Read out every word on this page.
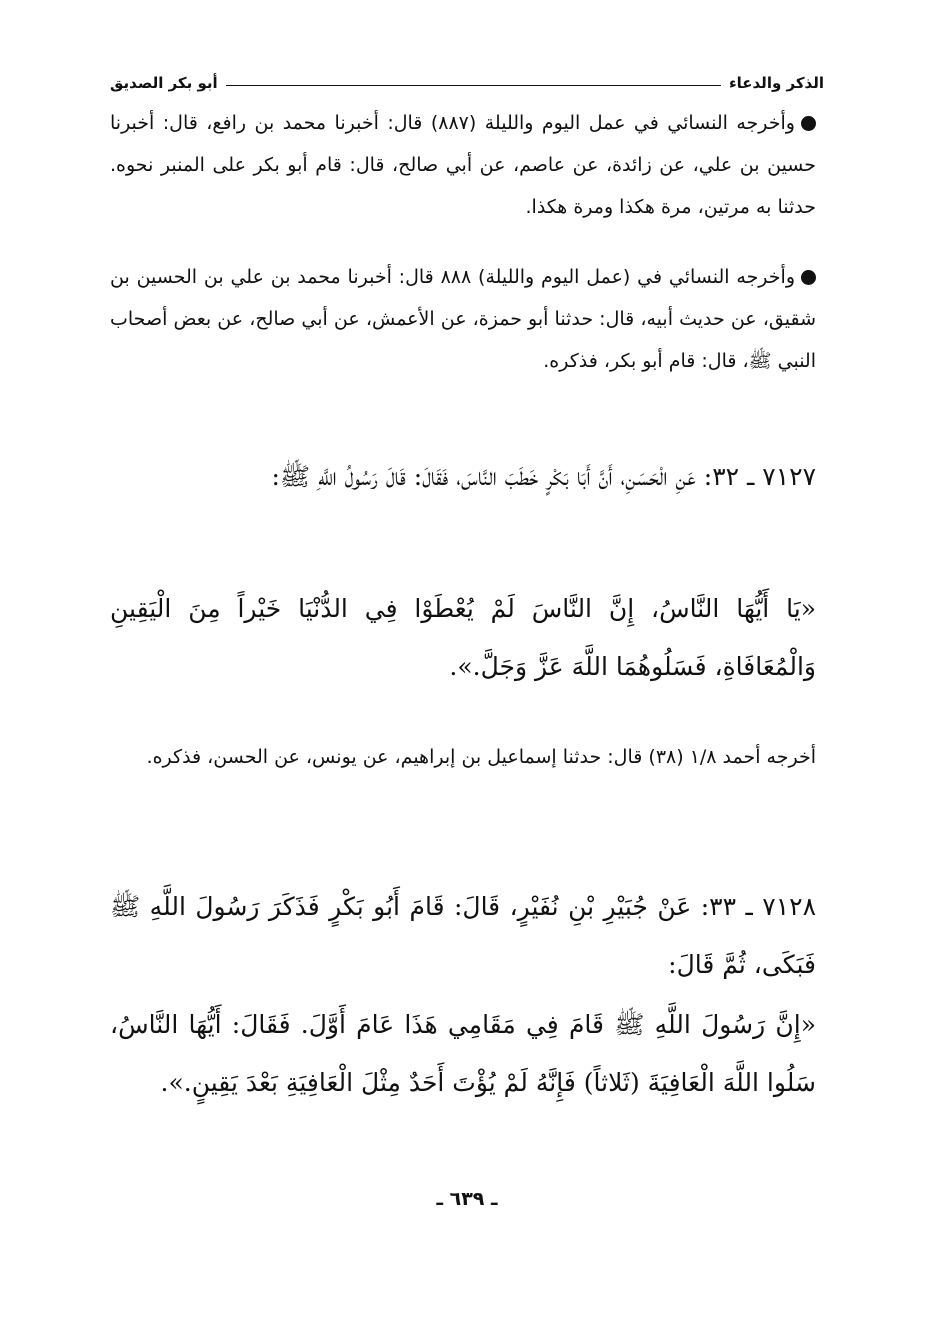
الذكر والدعاء
أبو بكر الصديق
وأخرجه النسائي في عمل اليوم والليلة (٨٨٧) قال: أخبرنا محمد بن رافع، قال: أخبرنا حسين بن علي، عن زائدة، عن عاصم، عن أبي صالح، قال: قام أبو بكر على المنبر نحوه. حدثنا به مرتين، مرة هكذا ومرة هكذا.
وأخرجه النسائي في (عمل اليوم والليلة) ٨٨٨ قال: أخبرنا محمد بن علي بن الحسين بن شقيق، عن حديث أبيه، قال: حدثنا أبو حمزة، عن الأعمش، عن أبي صالح، عن بعض أصحاب النبي ﷺ، قال: قام أبو بكر، فذكره.
٧١٢٧ ـ ٣٢: عَنِ الْحَسَنِ، أَنَّ أَبَا بَكْرٍ خَطَبَ النَّاسَ، فَقَالَ: قَالَ رَسُولُ اللَّهِ ﷺ:
«يَا أَيُّهَا النَّاسُ، إِنَّ النَّاسَ لَمْ يُعْطَوْا فِي الدُّنْيَا خَيْراً مِنَ الْيَقِينِ وَالْمُعَافَاةِ، فَسَلُوهُمَا اللَّهَ عَزَّ وَجَلَّ.».
أخرجه أحمد ١/٨ (٣٨) قال: حدثنا إسماعيل بن إبراهيم، عن يونس، عن الحسن، فذكره.
٧١٢٨ ـ ٣٣: عَنْ جُبَيْرِ بْنِ نُفَيْرٍ، قَالَ: قَامَ أَبُو بَكْرٍ فَذَكَرَ رَسُولَ اللَّهِ ﷺ فَبَكَى، ثُمَّ قَالَ:
«إِنَّ رَسُولَ اللَّهِ ﷺ قَامَ فِي مَقَامِي هَذَا عَامَ أَوَّلَ. فَقَالَ: أَيُّهَا النَّاسُ، سَلُوا اللَّهَ الْعَافِيَةَ (ثَلاثاً) فَإِنَّهُ لَمْ يُؤْتَ أَحَدٌ مِثْلَ الْعَافِيَةِ بَعْدَ يَقِينٍ.».
ـ ٦٣٩ ـ
